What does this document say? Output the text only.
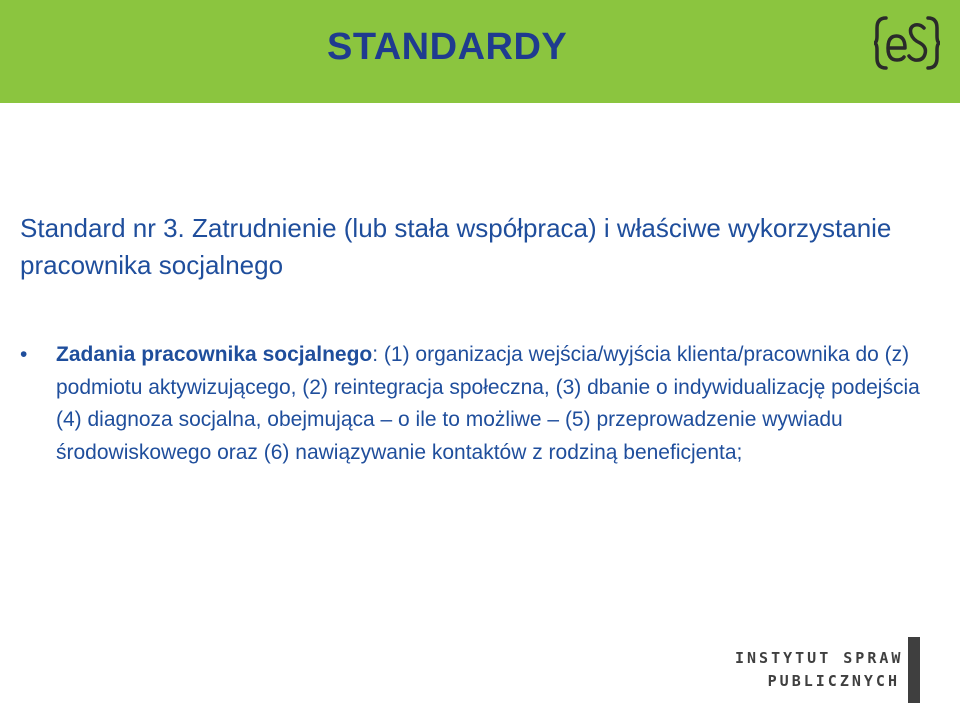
STANDARDY
Standard nr 3. Zatrudnienie (lub stała współpraca) i właściwe wykorzystanie pracownika socjalnego
•	Zadania pracownika socjalnego: (1) organizacja wejścia/wyjścia klienta/pracownika do (z) podmiotu aktywizującego, (2) reintegracja społeczna, (3) dbanie o indywidualizację podejścia (4) diagnoza socjalna, obejmująca – o ile to możliwe – (5) przeprowadzenie wywiadu środowiskowego oraz (6) nawiązywanie kontaktów z rodziną beneficjenta;
INSTYTUT SPRAW
PUBLICZNYCH
